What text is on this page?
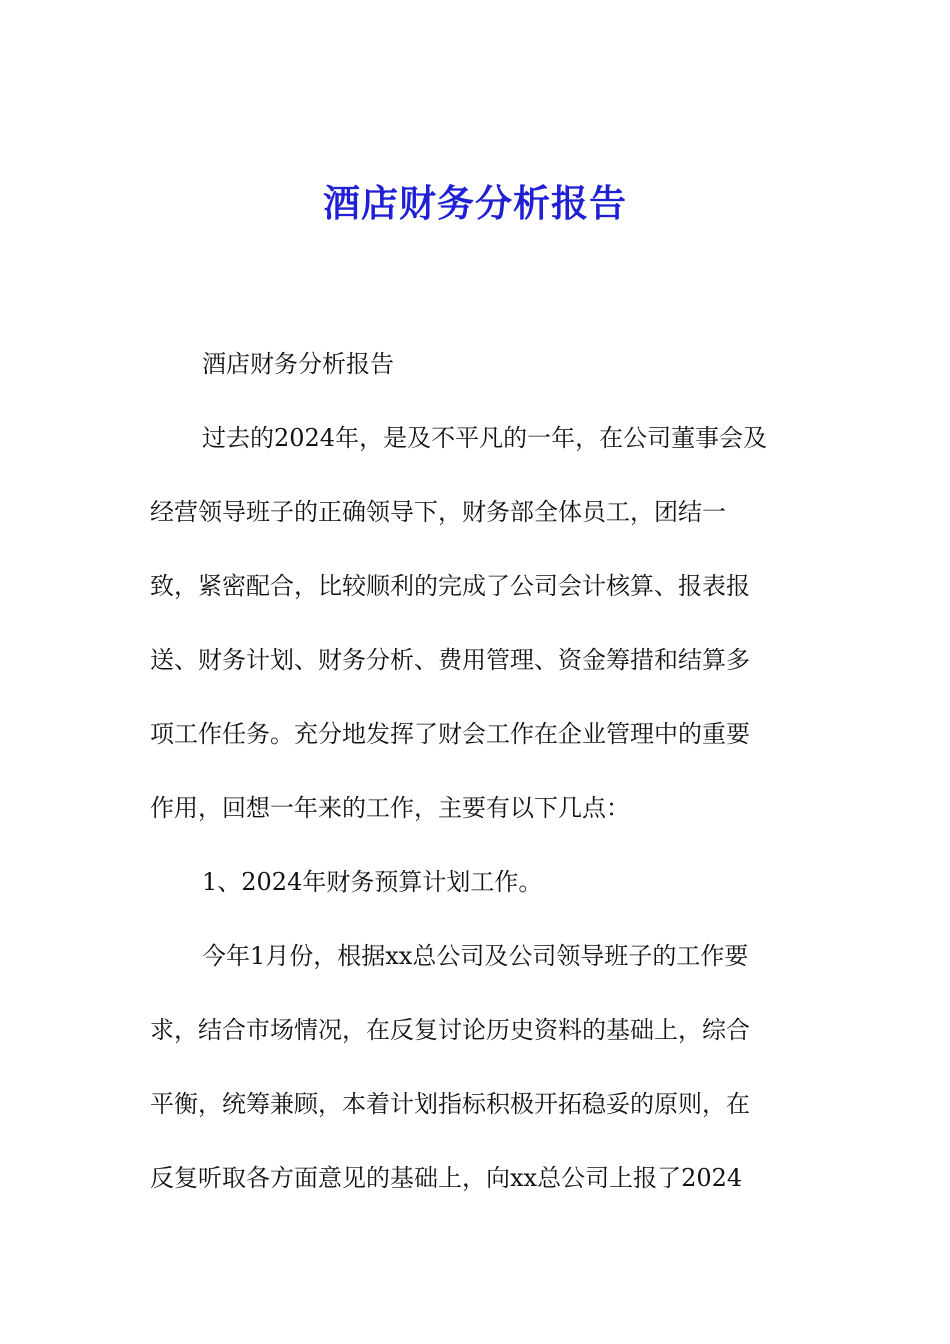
酒店财务分析报告
酒店财务分析报告
过去的2024年，是及不平凡的一年，在公司董事会及
经营领导班子的正确领导下，财务部全体员工，团结一
致，紧密配合，比较顺利的完成了公司会计核算、报表报
送、财务计划、财务分析、费用管理、资金筹措和结算多
项工作任务。充分地发挥了财会工作在企业管理中的重要
作用，回想一年来的工作，主要有以下几点：
1、2024年财务预算计划工作。
今年1月份，根据xx总公司及公司领导班子的工作要
求，结合市场情况，在反复讨论历史资料的基础上，综合
平衡，统筹兼顾，本着计划指标积极开拓稳妥的原则，在
反复听取各方面意见的基础上，向xx总公司上报了2024
